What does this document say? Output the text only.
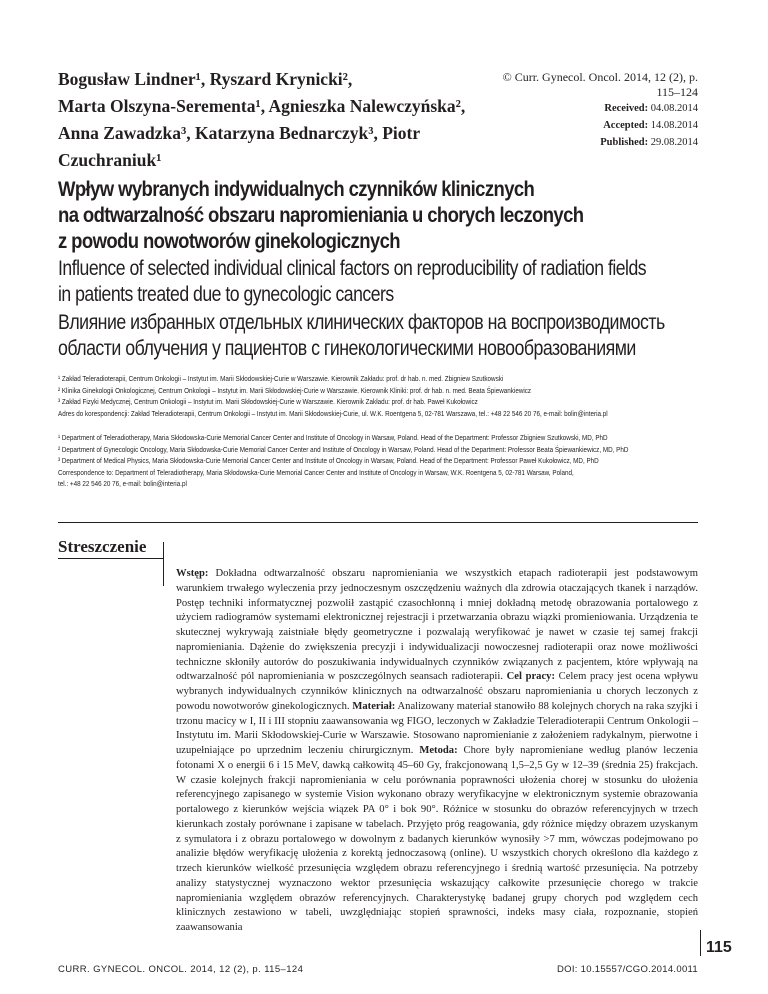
Bogusław Lindner¹, Ryszard Krynicki²,
Marta Olszyna-Serementa¹, Agnieszka Nalewczyńska²,
Anna Zawadzka³, Katarzyna Bednarczyk³, Piotr Czuchraniuk¹
© Curr. Gynecol. Oncol. 2014, 12 (2), p. 115–124
Received: 04.08.2014
Accepted: 14.08.2014
Published: 29.08.2014
Wpływ wybranych indywidualnych czynników klinicznych
na odtwarzalność obszaru napromieniania u chorych leczonych
z powodu nowotworów ginekologicznych
Influence of selected individual clinical factors on reproducibility of radiation fields
in patients treated due to gynecologic cancers
Влияние избранных отдельных клинических факторов на воспроизводимость
области облучения у пациентов с гинекологическими новообразованиями
¹ Zakład Teleradioterapii, Centrum Onkologii – Instytut im. Marii Skłodowskiej-Curie w Warszawie. Kierownik Zakładu: prof. dr hab. n. med. Zbigniew Szutkowski
² Klinika Ginekologii Onkologicznej, Centrum Onkologii – Instytut im. Marii Skłodowskiej-Curie w Warszawie. Kierownik Kliniki: prof. dr hab. n. med. Beata Śpiewankiewicz
³ Zakład Fizyki Medycznej, Centrum Onkologii – Instytut im. Marii Skłodowskiej-Curie w Warszawie. Kierownik Zakładu: prof. dr hab. Paweł Kukołowicz
Adres do korespondencji: Zakład Teleradioterapii, Centrum Onkologii – Instytut im. Marii Skłodowskiej-Curie, ul. W.K. Roentgena 5, 02-781 Warszawa, tel.: +48 22 546 20 76, e-mail: bolin@interia.pl
¹ Department of Teleradiotherapy, Maria Skłodowska-Curie Memorial Cancer Center and Institute of Oncology in Warsaw, Poland. Head of the Department: Professor Zbigniew Szutkowski, MD, PhD
² Department of Gynecologic Oncology, Maria Skłodowska-Curie Memorial Cancer Center and Institute of Oncology in Warsaw, Poland. Head of the Department: Professor Beata Śpiewankiewicz, MD, PhD
³ Department of Medical Physics, Maria Skłodowska-Curie Memorial Cancer Center and Institute of Oncology in Warsaw, Poland. Head of the Department: Professor Paweł Kukołowicz, MD, PhD
Correspondence to: Department of Teleradiotherapy, Maria Skłodowska-Curie Memorial Cancer Center and Institute of Oncology in Warsaw, W.K. Roentgena 5, 02-781 Warsaw, Poland,
tel.: +48 22 546 20 76, e-mail: bolin@interia.pl
Streszczenie
Wstęp: Dokładna odtwarzalność obszaru napromieniania we wszystkich etapach radioterapii jest podstawowym warunkiem trwałego wyleczenia przy jednoczesnym oszczędzeniu ważnych dla zdrowia otaczających tkanek i narządów. Postęp techniki informatycznej pozwolił zastąpić czasochłonną i mniej dokładną metodę obrazowania portalowego z użyciem radiogramów systemami elektronicznej rejestracji i przetwarzania obrazu wiązki promieniowania. Urządzenia te skutecznej wykrywają zaistniałe błędy geometryczne i pozwalają weryfikować je nawet w czasie tej samej frakcji napromieniania. Dążenie do zwiększenia precyzji i indywidualizacji nowoczesnej radioterapii oraz nowe możliwości techniczne skłoniły autorów do poszukiwania indywidualnych czynników związanych z pacjentem, które wpływają na odtwarzalność pól napromieniania w poszczególnych seansach radioterapii. Cel pracy: Celem pracy jest ocena wpływu wybranych indywidualnych czynników klinicznych na odtwarzalność obszaru napromieniania u chorych leczonych z powodu nowotworów ginekologicznych. Materiał: Analizowany materiał stanowiło 88 kolejnych chorych na raka szyjki i trzonu macicy w I, II i III stopniu zaawansowania wg FIGO, leczonych w Zakładzie Teleradioterapii Centrum Onkologii – Instytutu im. Marii Skłodowskiej-Curie w Warszawie. Stosowano napromienianie z założeniem radykalnym, pierwotne i uzupełniające po uprzednim leczeniu chirurgicznym. Metoda: Chore były napromieniane według planów leczenia fotonami X o energii 6 i 15 MeV, dawką całkowitą 45–60 Gy, frakcjonowaną 1,5–2,5 Gy w 12–39 (średnia 25) frakcjach. W czasie kolejnych frakcji napromieniania w celu porównania poprawności ułożenia chorej w stosunku do ułożenia referencyjnego zapisanego w systemie Vision wykonano obrazy weryfikacyjne w elektronicznym systemie obrazowania portalowego z kierunków wejścia wiązek PA 0° i bok 90°. Różnice w stosunku do obrazów referencyjnych w trzech kierunkach zostały porównane i zapisane w tabelach. Przyjęto próg reagowania, gdy różnice między obrazem uzyskanym z symulatora i z obrazu portalowego w dowolnym z badanych kierunków wynosiły >7 mm, wówczas podejmowano po analizie błędów weryfikację ułożenia z korektą jednoczasową (online). U wszystkich chorych określono dla każdego z trzech kierunków wielkość przesunięcia względem obrazu referencyjnego i średnią wartość przesunięcia. Na potrzeby analizy statystycznej wyznaczono wektor przesunięcia wskazujący całkowite przesunięcie chorego w trakcie napromieniania względem obrazów referencyjnych. Charakterystykę badanej grupy chorych pod względem cech klinicznych zestawiono w tabeli, uwzględniając stopień sprawności, indeks masy ciała, rozpoznanie, stopień zaawansowania
115
CURR. GYNECOL. ONCOL. 2014, 12 (2), p. 115–124	DOI: 10.15557/CGO.2014.0011
